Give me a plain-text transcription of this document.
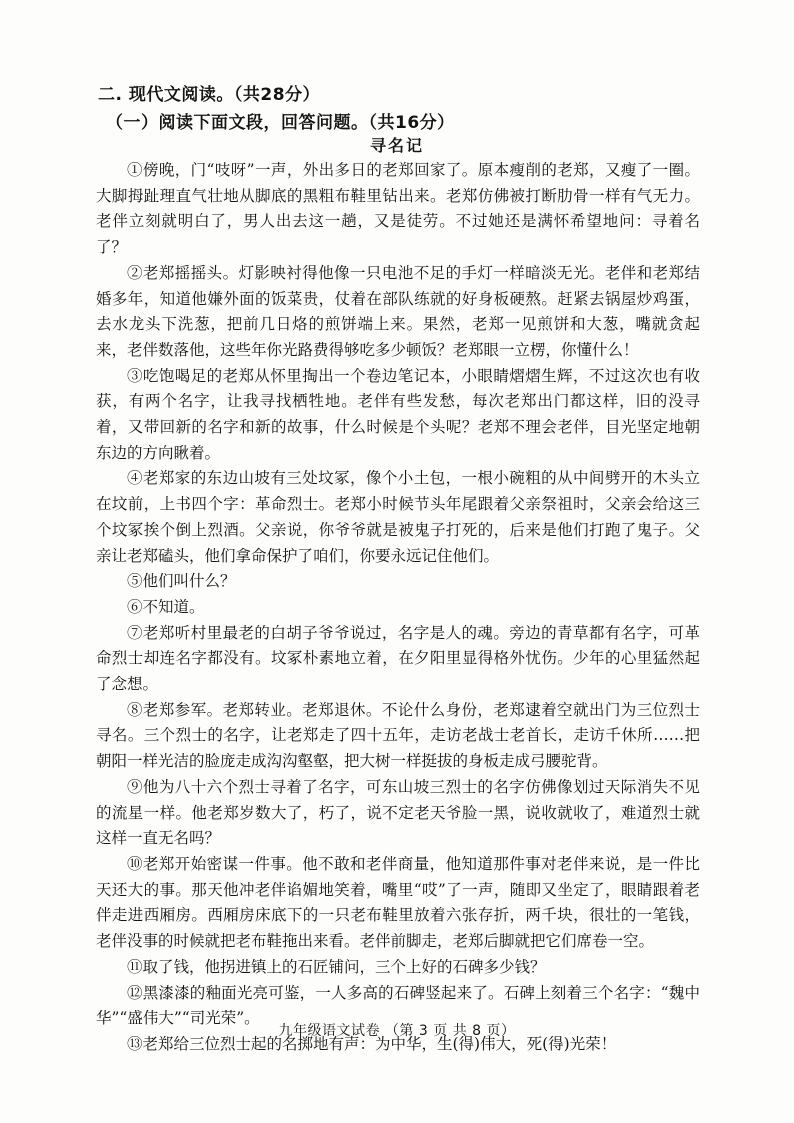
二. 现代文阅读。（共28分）
（一）阅读下面文段，回答问题。（共16分）
寻名记

①傍晚，门“吱呀”一声，外出多日的老郑回家了。原本瘦削的老郑，又瘦了一圈。大脚拇趾理直气壮地从脚底的黑粗布鞋里钻出来。老郑仿佛被打断肋骨一样有气无力。老伴立刻就明白了，男人出去这一趟，又是徒劳。不过她还是满怀希望地问：寻着名了？

②老郑摇摇头。灯影映衬得他像一只电池不足的手灯一样暗淡无光。老伴和老郑结婚多年，知道他嫌外面的饭菜贵，仗着在部队练就的好身板硬熬。赶紧去锅屋炒鸡蛋，去水龙头下洗葱，把前几日烙的煎饼端上来。果然，老郑一见煎饼和大葱，嘴就贪起来，老伴数落他，这些年你光路费得够吃多少顿饭？老郑眼一立楞，你懂什么！

③吃饱喝足的老郑从怀里掏出一个卷边笔记本，小眼睛熠熠生辉，不过这次也有收获，有两个名字，让我寻找栖牲地。老伴有些发愁，每次老郑出门都这样，旧的没寻着，又带回新的名字和新的故事，什么时候是个头呢？老郑不理会老伴，目光坚定地朝东边的方向瞅着。

④老郑家的东边山坡有三处坟冢，像个小土包，一根小碗粗的从中间劈开的木头立在坟前，上书四个字：革命烈士。老郑小时候节头年尾跟着父亲祭祖时，父亲会给这三个坟冢挨个倒上烈酒。父亲说，你爷爷就是被鬼子打死的，后来是他们打跑了鬼子。父亲让老郑磕头，他们拿命保护了咱们，你要永远记住他们。

⑤他们叫什么？

⑥不知道。

⑦老郑听村里最老的白胡子爷爷说过，名字是人的魂。旁边的青草都有名字，可革命烈士却连名字都没有。坟冢朴素地立着，在夕阳里显得格外忧伤。少年的心里猛然起了念想。

⑧老郑参军。老郑转业。老郑退休。不论什么身份，老郑逮着空就出门为三位烈士寻名。三个烈士的名字，让老郑走了四十五年，走访老战士老首长，走访千休所……把朝阳一样光洁的脸庞走成沟沟壑壑，把大树一样挺拔的身板走成弓腰驼背。

⑨他为八十六个烈士寻着了名字，可东山坡三烈士的名字仿佛像划过天际消失不见的流星一样。他老郑岁数大了，朽了，说不定老天爷脸一黑，说收就收了，难道烈士就这样一直无名吗？

⑩老郑开始密谋一件事。他不敢和老伴商量，他知道那件事对老伴来说，是一件比天还大的事。那天他冲老伴谄媚地笑着，嘴里“哎”了一声，随即又坐定了，眼睛跟着老伴走进西厢房。西厢房床底下的一只老布鞋里放着六张存折，两千块，很壮的一笔钱，老伴没事的时候就把老布鞋拖出来看。老伴前脚走，老郑后脚就把它们席卷一空。

⑪取了钱，他拐进镇上的石匠铺问，三个上好的石碑多少钱？

⑫黑漆漆的釉面光亮可鉴，一人多高的石碑竖起来了。石碑上刻着三个名字：“魏中华”“盛伟大”“司光荣”。

⑬老郑给三位烈士起的名掷地有声：为中华，生(得)伟大，死(得)光荣！

九年级语文试卷 （第 3 页 共 8 页）
